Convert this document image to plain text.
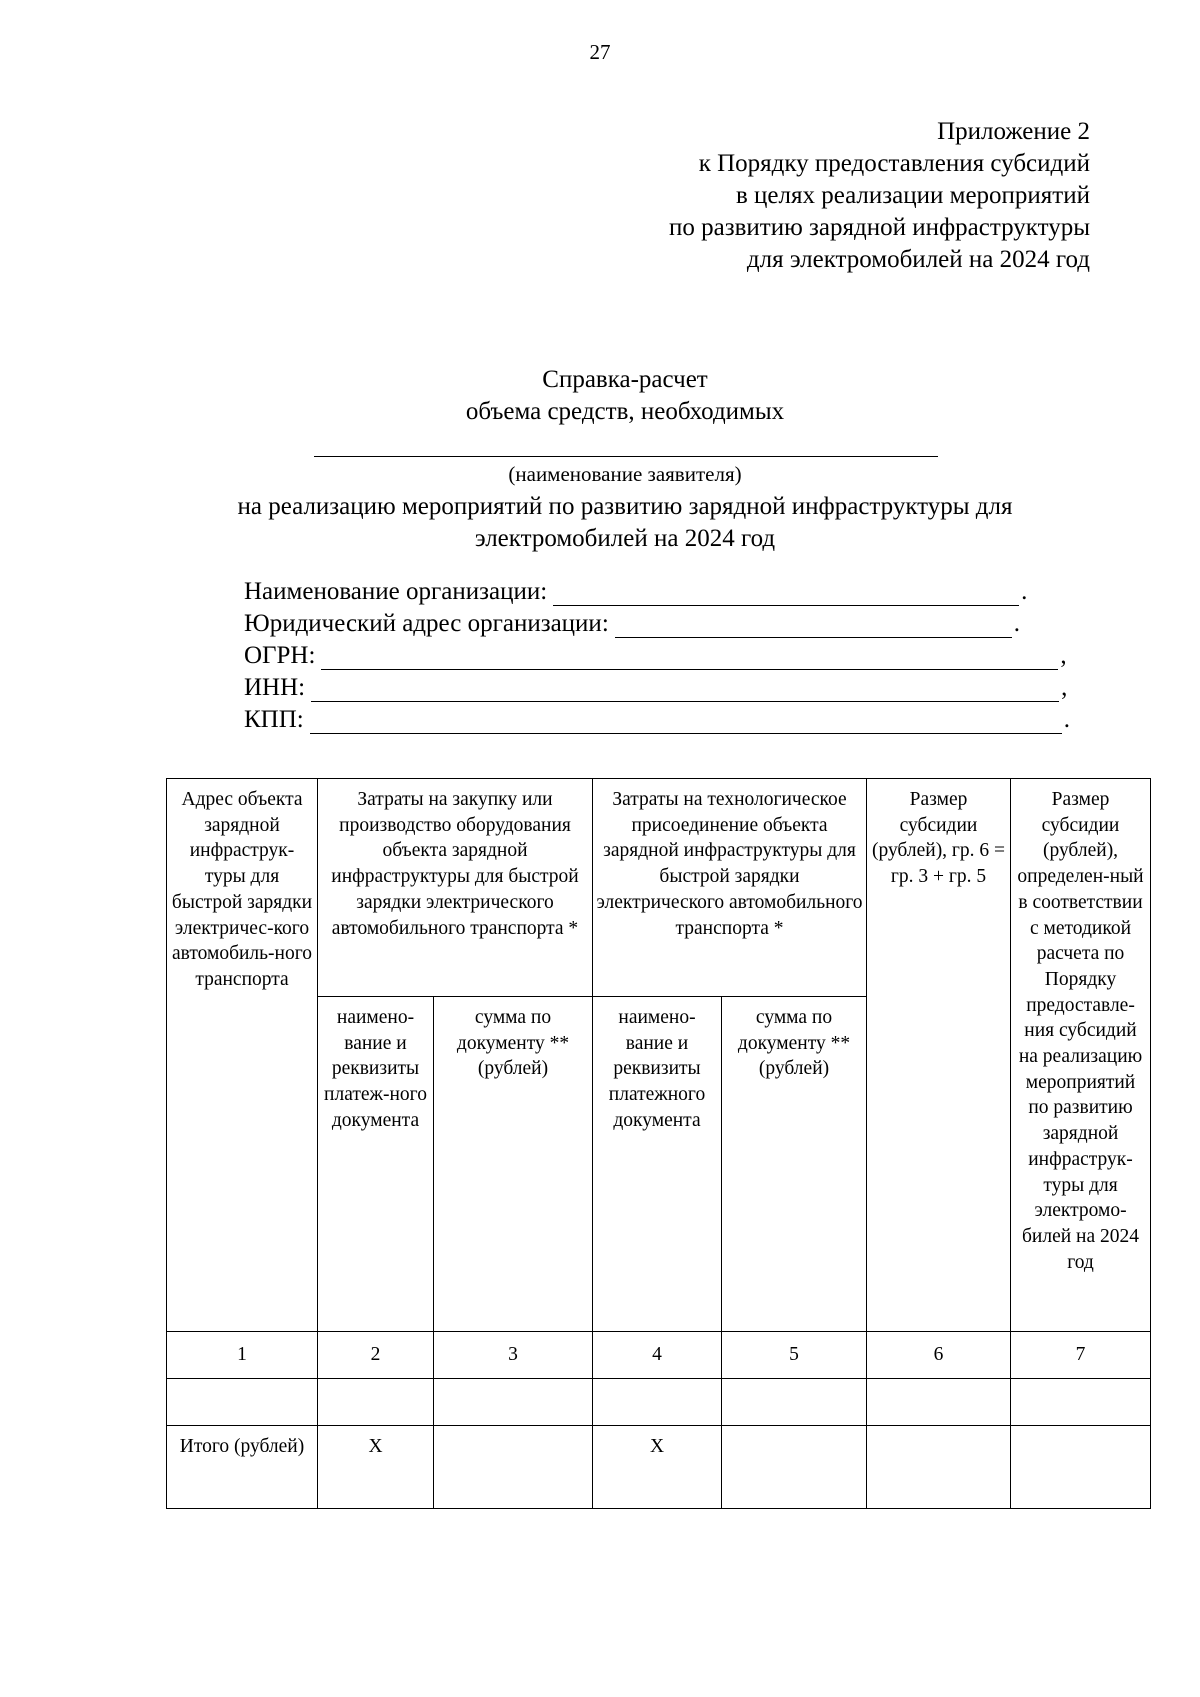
27
Приложение 2
к Порядку предоставления субсидий
в целях реализации мероприятий
по развитию зарядной инфраструктуры
для электромобилей на 2024 год
Справка-расчет
объема средств, необходимых
(наименование заявителя)
на реализацию мероприятий по развитию зарядной инфраструктуры для
электромобилей на 2024 год
Наименование организации:	.
Юридический адрес организации:	.
ОГРН:	,
ИНН:	,
КПП:	.
Адрес объекта зарядной инфраструк-туры для быстрой зарядки электричес-кого автомобиль-ного транспорта	Затраты на закупку или производство оборудования объекта зарядной инфраструктуры для быстрой зарядки электрического автомобильного транспорта *		Затраты на технологическое присоединение объекта зарядной инфраструктуры для быстрой зарядки электрического автомобильного транспорта *		Размер субсидии (рублей), гр. 6 = гр. 3 + гр. 5	Размер субсидии (рублей), определен-ный в соответствии с методикой расчета по Порядку предоставле-ния субсидий на реализацию мероприятий по развитию зарядной инфраструк-туры для электромо-билей на 2024 год
	наимено-вание и реквизиты платеж-ного документа	сумма по документу ** (рублей)	наимено-вание и реквизиты платежного документа	сумма по документу ** (рублей)		
1	2	3	4	5	6	7

Итого (рублей)	Х		Х			
